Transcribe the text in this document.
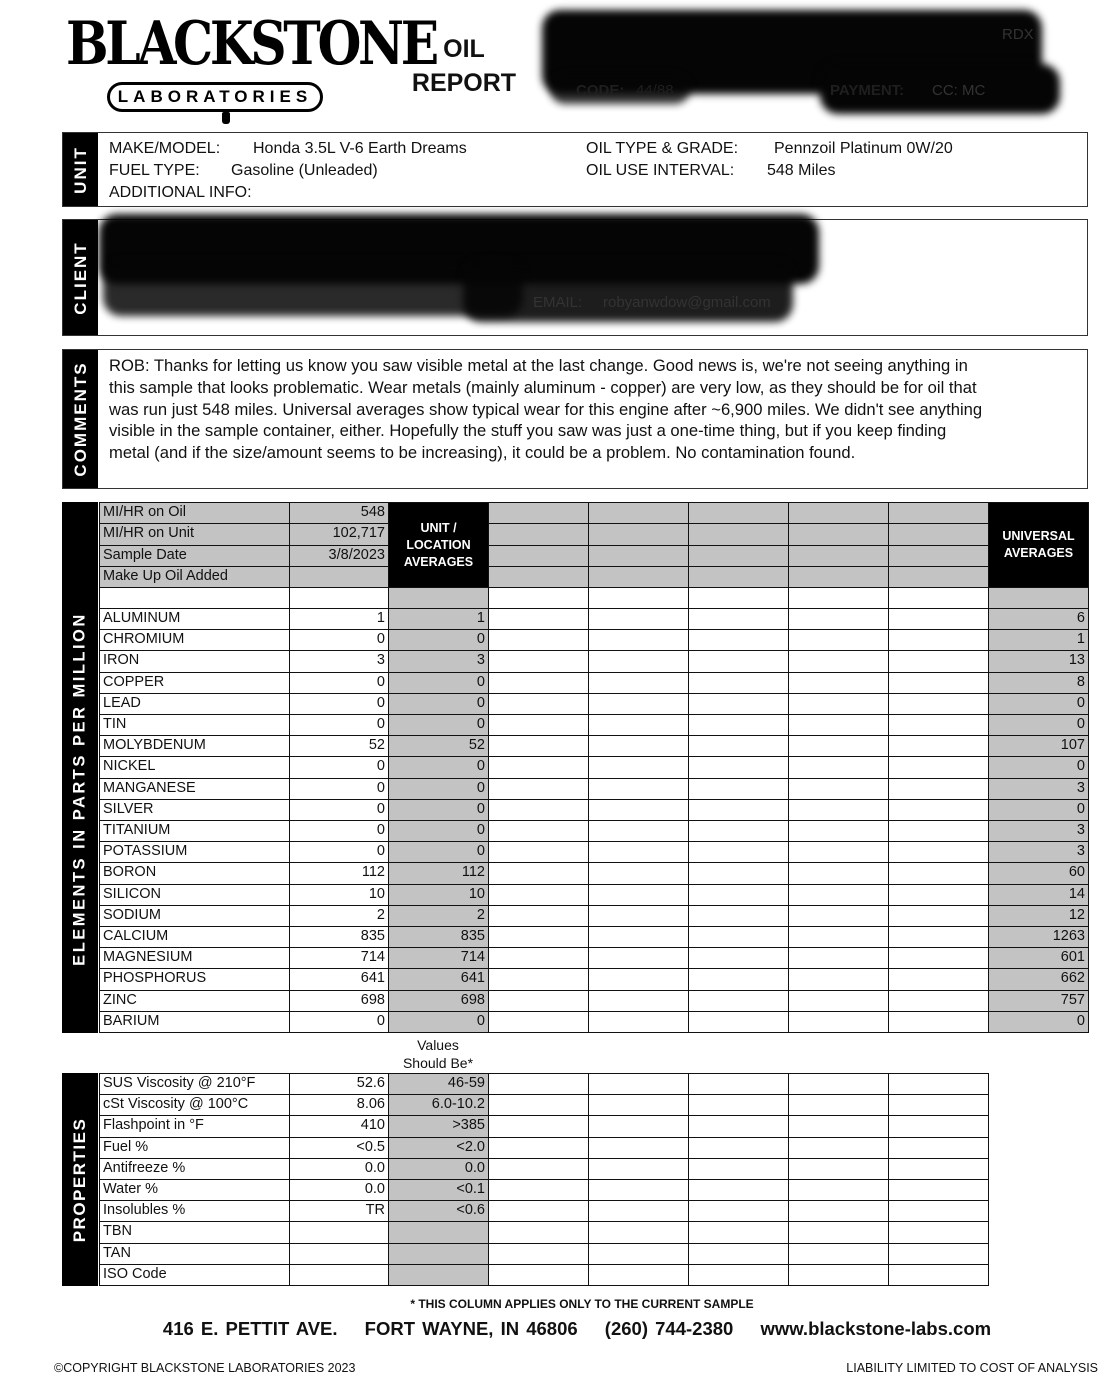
BLACKSTONE
LABORATORIES
OIL
REPORT
RDX
CODE: 44/88	PAYMENT: CC: MC
UNIT MAKE/MODEL: Honda 3.5L V-6 Earth Dreams
FUEL TYPE: Gasoline (Unleaded)
ADDITIONAL INFO:
OIL TYPE & GRADE: Pennzoil Platinum 0W/20
OIL USE INTERVAL: 548 Miles
CLIENT	EMAIL: robyanwdow@gmail.com
COMMENTS ROB: Thanks for letting us know you saw visible metal at the last change. Good news is, we're not seeing anything in this sample that looks problematic. Wear metals (mainly aluminum - copper) are very low, as they should be for oil that was run just 548 miles. Universal averages show typical wear for this engine after ~6,900 miles. We didn't see anything visible in the sample container, either. Hopefully the stuff you saw was just a one-time thing, but if you keep finding metal (and if the size/amount seems to be increasing), it could be a problem. No contamination found.
ELEMENTS IN PARTS PER MILLION
MI/HR on Oil	548
MI/HR on Unit	102,717
Sample Date	3/8/2023
Make Up Oil Added
UNIT / LOCATION AVERAGES
UNIVERSAL AVERAGES
ALUMINUM	1	1	6
CHROMIUM	0	0	1
IRON	3	3	13
COPPER	0	0	8
LEAD	0	0	0
TIN	0	0	0
MOLYBDENUM	52	52	107
NICKEL	0	0	0
MANGANESE	0	0	3
SILVER	0	0	0
TITANIUM	0	0	3
POTASSIUM	0	0	3
BORON	112	112	60
SILICON	10	10	14
SODIUM	2	2	12
CALCIUM	835	835	1263
MAGNESIUM	714	714	601
PHOSPHORUS	641	641	662
ZINC	698	698	757
BARIUM	0	0	0
Values
Should Be*
PROPERTIES
SUS Viscosity @ 210°F	52.6	46-59
cSt Viscosity @ 100°C	8.06	6.0-10.2
Flashpoint in °F	410	>385
Fuel %	<0.5	<2.0
Antifreeze %	0.0	0.0
Water %	0.0	<0.1
Insolubles %	TR	<0.6
TBN
TAN
ISO Code
* THIS COLUMN APPLIES ONLY TO THE CURRENT SAMPLE
416 E. PETTIT AVE. FORT WAYNE, IN 46806 (260) 744-2380 www.blackstone-labs.com
©COPYRIGHT BLACKSTONE LABORATORIES 2023	LIABILITY LIMITED TO COST OF ANALYSIS
